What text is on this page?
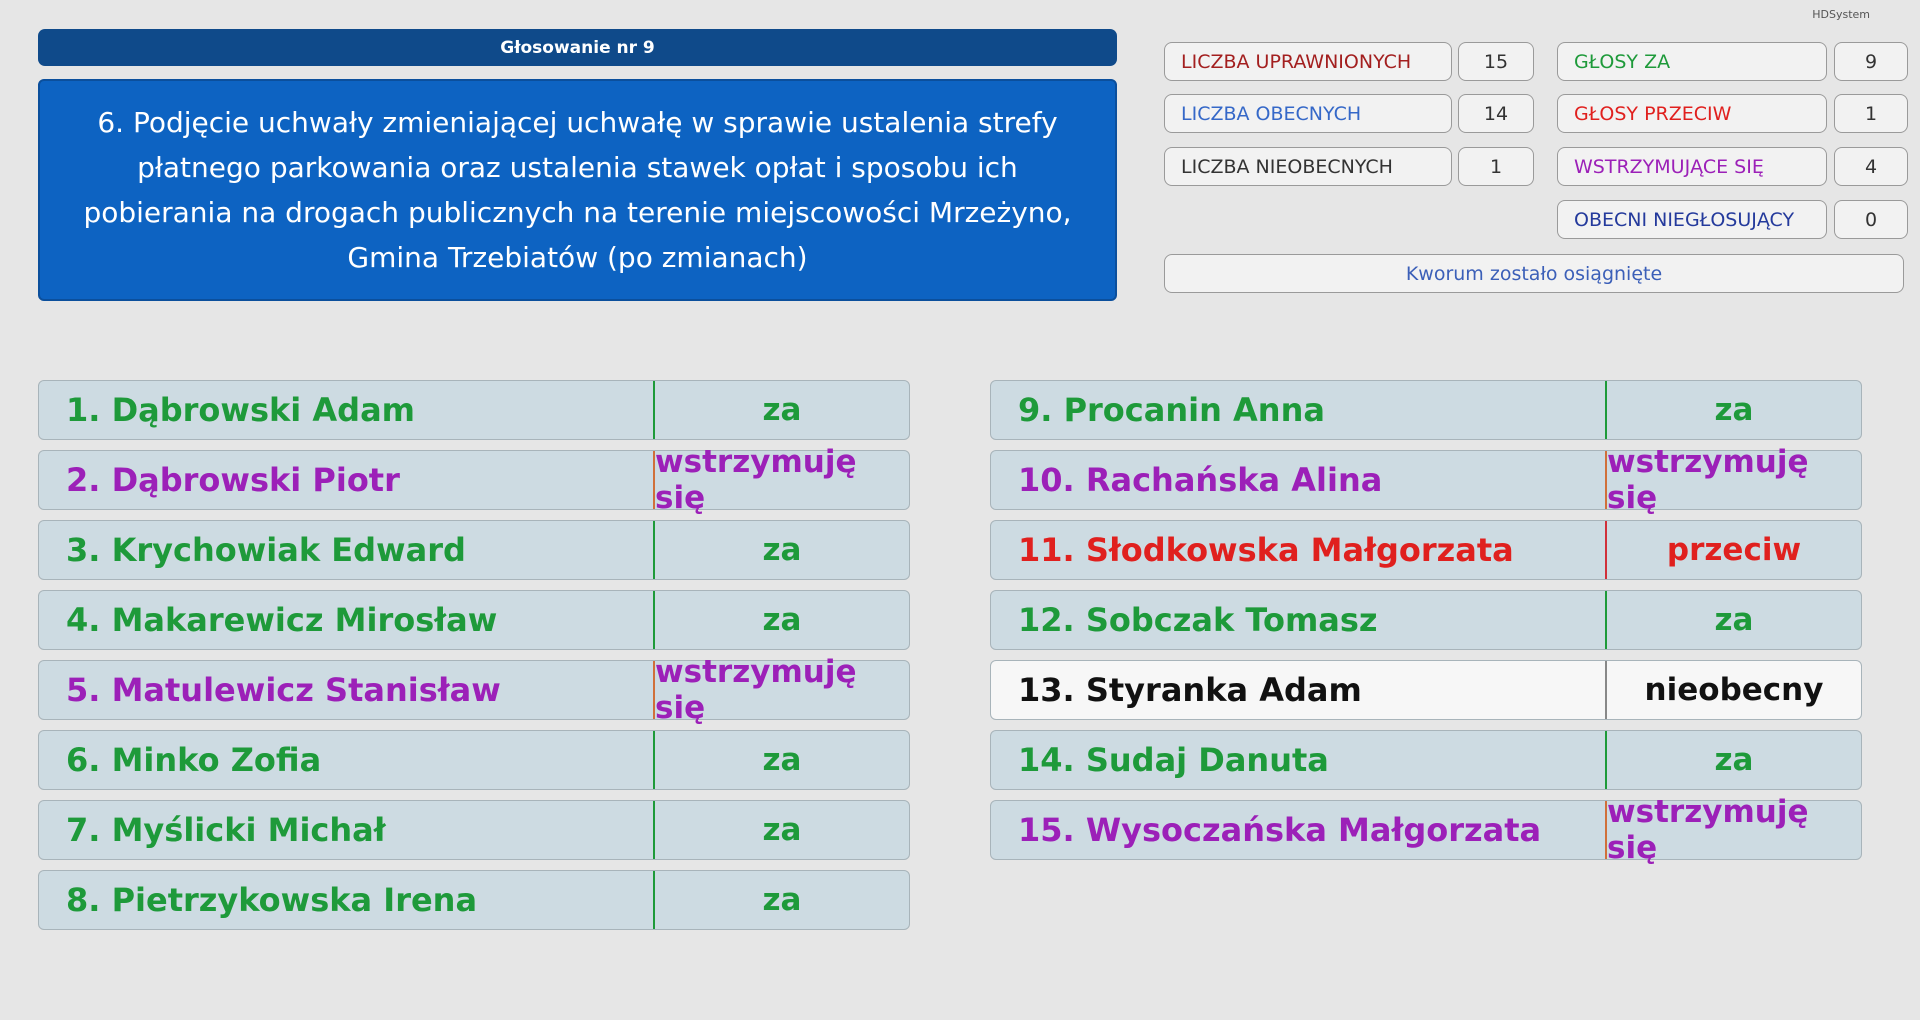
HDSystem
Głosowanie nr 9
6. Podjęcie uchwały zmieniającej uchwałę w sprawie ustalenia strefy płatnego parkowania oraz ustalenia stawek opłat i sposobu ich pobierania na drogach publicznych na terenie miejscowości Mrzeżyno, Gmina Trzebiatów (po zmianach)
LICZBA UPRAWNIONYCH	15
LICZBA OBECNYCH	14
LICZBA NIEOBECNYCH	1
GŁOSY ZA	9
GŁOSY PRZECIW	1
WSTRZYMUJĄCE SIĘ	4
OBECNI NIEGŁOSUJĄCY	0
Kworum zostało osiągnięte
1. Dąbrowski Adam	za
2. Dąbrowski Piotr	wstrzymuję się
3. Krychowiak Edward	za
4. Makarewicz Mirosław	za
5. Matulewicz Stanisław	wstrzymuję się
6. Minko Zofia	za
7. Myślicki Michał	za
8. Pietrzykowska Irena	za
9. Procanin Anna	za
10. Rachańska Alina	wstrzymuję się
11. Słodkowska Małgorzata	przeciw
12. Sobczak Tomasz	za
13. Styranka Adam	nieobecny
14. Sudaj Danuta	za
15. Wysoczańska Małgorzata	wstrzymuję się
